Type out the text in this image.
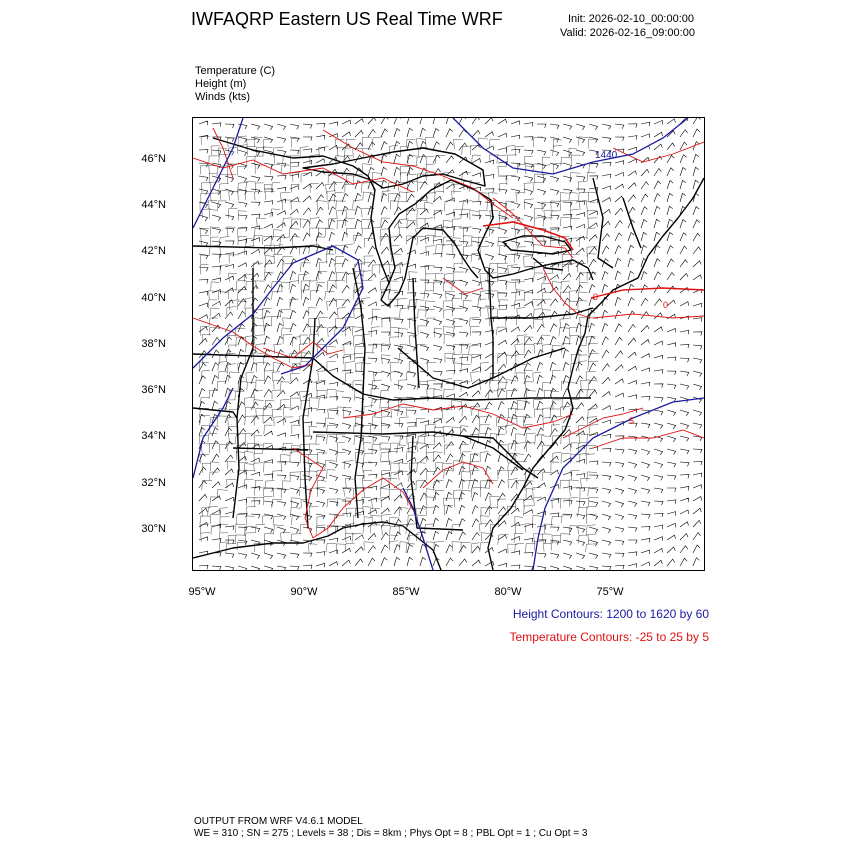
IWFAQRP Eastern US Real Time WRF	Init: 2026-02-10_00:00:00
Valid: 2026-02-16_09:00:00
Temperature (C)
Height (m)
Winds (kts)
1440
0
0
5
46°N
44°N
42°N
40°N
38°N
36°N
34°N
32°N
30°N
95°W	90°W	85°W	80°W	75°W
Height Contours: 1200 to 1620 by 60
Temperature Contours: -25 to 25 by 5
OUTPUT FROM WRF V4.6.1 MODEL
WE = 310 ; SN = 275 ; Levels = 38 ; Dis = 8km ; Phys Opt = 8 ; PBL Opt = 1 ; Cu Opt = 3
